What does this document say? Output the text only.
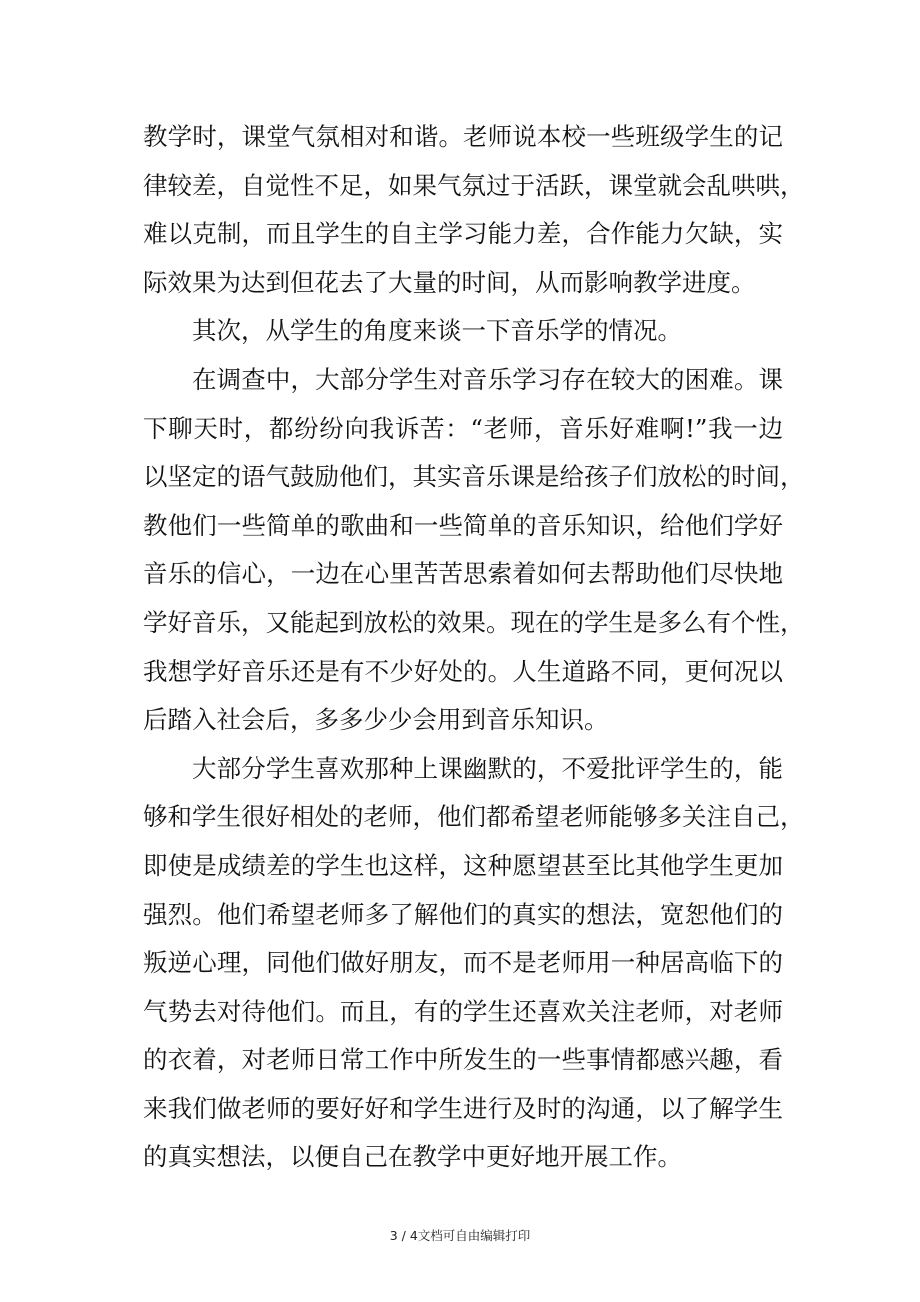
教学时，课堂气氛相对和谐。老师说本校一些班级学生的记
律较差，自觉性不足，如果气氛过于活跃，课堂就会乱哄哄，
难以克制，而且学生的自主学习能力差，合作能力欠缺，实
际效果为达到但花去了大量的时间，从而影响教学进度。
其次，从学生的角度来谈一下音乐学的情况。
在调查中，大部分学生对音乐学习存在较大的困难。课
下聊天时，都纷纷向我诉苦：“老师，音乐好难啊!”我一边
以坚定的语气鼓励他们，其实音乐课是给孩子们放松的时间，
教他们一些简单的歌曲和一些简单的音乐知识，给他们学好
音乐的信心，一边在心里苦苦思索着如何去帮助他们尽快地
学好音乐，又能起到放松的效果。现在的学生是多么有个性，
我想学好音乐还是有不少好处的。人生道路不同，更何况以
后踏入社会后，多多少少会用到音乐知识。
大部分学生喜欢那种上课幽默的，不爱批评学生的，能
够和学生很好相处的老师，他们都希望老师能够多关注自己，
即使是成绩差的学生也这样，这种愿望甚至比其他学生更加
强烈。他们希望老师多了解他们的真实的想法，宽恕他们的
叛逆心理，同他们做好朋友，而不是老师用一种居高临下的
气势去对待他们。而且，有的学生还喜欢关注老师，对老师
的衣着，对老师日常工作中所发生的一些事情都感兴趣，看
来我们做老师的要好好和学生进行及时的沟通，以了解学生
的真实想法，以便自己在教学中更好地开展工作。
3 / 4文档可自由编辑打印
